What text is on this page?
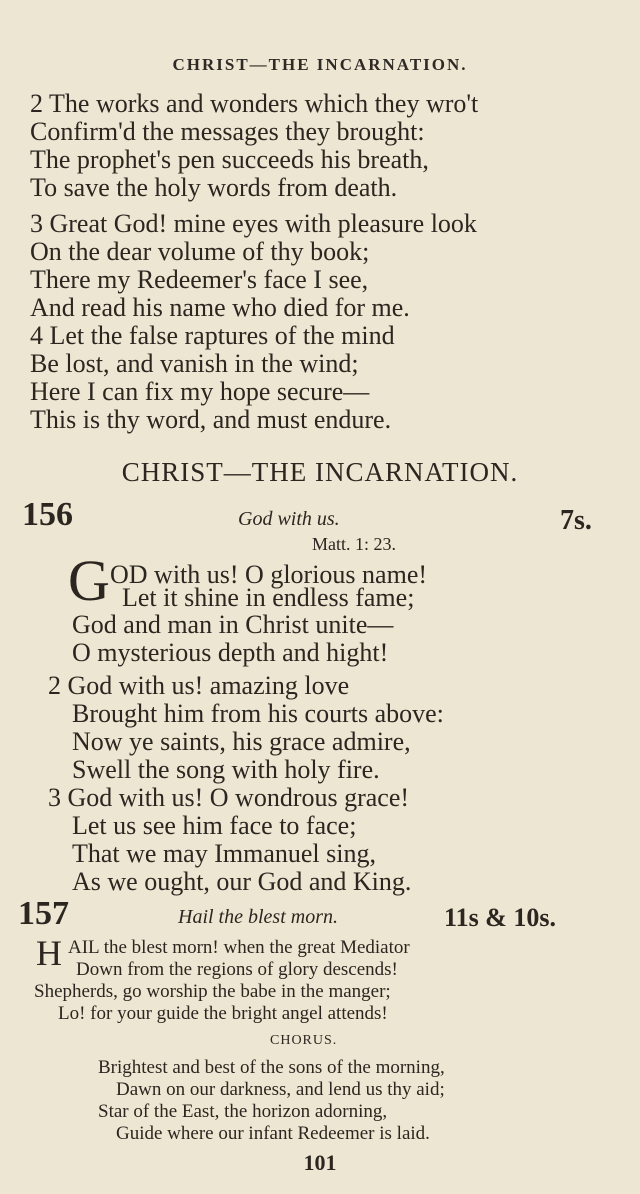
CHRIST—THE INCARNATION.
2 The works and wonders which they wro't
Confirm'd the messages they brought:
The prophet's pen succeeds his breath,
To save the holy words from death.
3 Great God! mine eyes with pleasure look
On the dear volume of thy book;
There my Redeemer's face I see,
And read his name who died for me.
4 Let the false raptures of the mind
Be lost, and vanish in the wind;
Here I can fix my hope secure—
This is thy word, and must endure.
CHRIST—THE INCARNATION.
156	God with us.	7s.
Matt. 1: 23.
G OD with us! O glorious name!
Let it shine in endless fame;
God and man in Christ unite—
O mysterious depth and hight!
2 God with us! amazing love
Brought him from his courts above:
Now ye saints, his grace admire,
Swell the song with holy fire.
3 God with us! O wondrous grace!
Let us see him face to face;
That we may Immanuel sing,
As we ought, our God and King.
157	Hail the blest morn.	11s & 10s.
H AIL the blest morn! when the great Mediator
Down from the regions of glory descends!
Shepherds, go worship the babe in the manger;
Lo! for your guide the bright angel attends!
CHORUS.
Brightest and best of the sons of the morning,
Dawn on our darkness, and lend us thy aid;
Star of the East, the horizon adorning,
Guide where our infant Redeemer is laid.
101
